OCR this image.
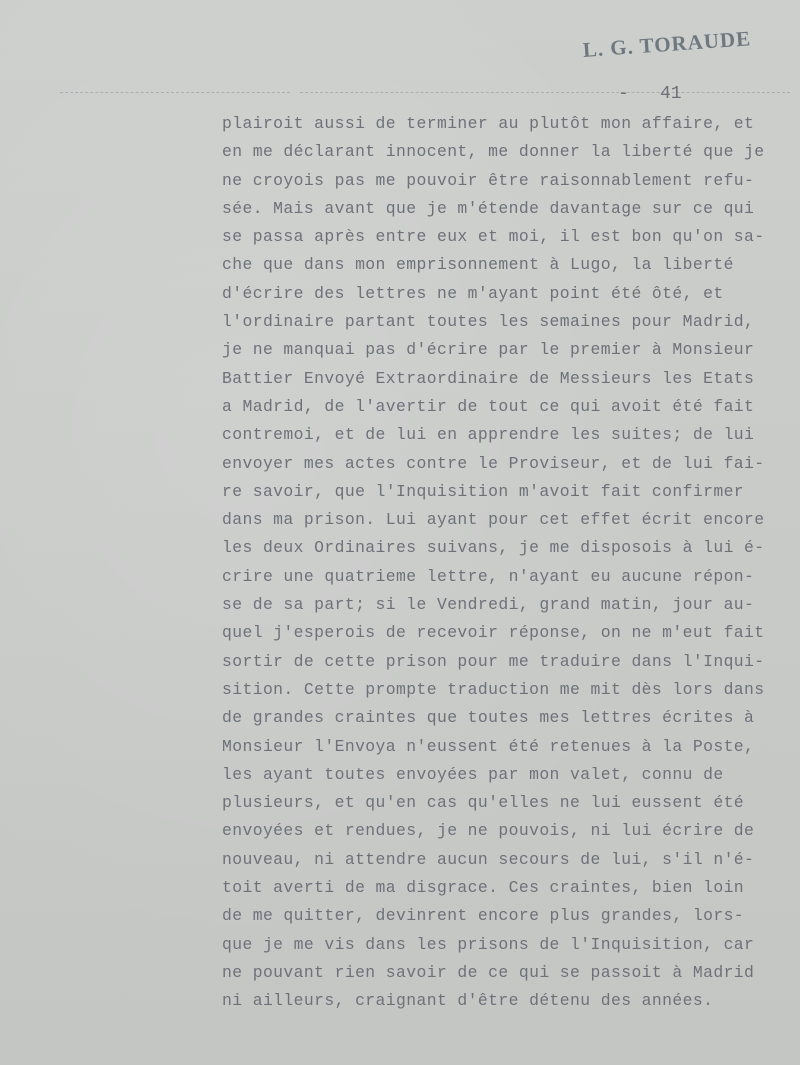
L. G. TORAUDE
- 41
plairoit aussi de terminer au plutôt mon affaire, et
en me déclarant innocent, me donner la liberté que je
ne croyois pas me pouvoir être raisonnablement refu-
sée. Mais avant que je m'étende davantage sur ce qui
se passa après entre eux et moi, il est bon qu'on sa-
che que dans mon emprisonnement à Lugo, la liberté
d'écrire des lettres ne m'ayant point été ôté, et
l'ordinaire partant toutes les semaines pour Madrid,
je ne manquai pas d'écrire par le premier à Monsieur
Battier Envoyé Extraordinaire de Messieurs les Etats
a Madrid, de l'avertir de tout ce qui avoit été fait
contremoi, et de lui en apprendre les suites; de lui
envoyer mes actes contre le Proviseur, et de lui fai-
re savoir, que l'Inquisition m'avoit fait confirmer
dans ma prison. Lui ayant pour cet effet écrit encore
les deux Ordinaires suivans, je me disposois à lui é-
crire une quatrieme lettre, n'ayant eu aucune répon-
se de sa part; si le Vendredi, grand matin, jour au-
quel j'esperois de recevoir réponse, on ne m'eut fait
sortir de cette prison pour me traduire dans l'Inqui-
sition. Cette prompte traduction me mit dès lors dans
de grandes craintes que toutes mes lettres écrites à
Monsieur l'Envoya n'eussent été retenues à la Poste,
les ayant toutes envoyées par mon valet, connu de
plusieurs, et qu'en cas qu'elles ne lui eussent été
envoyées et rendues, je ne pouvois, ni lui écrire de
nouveau, ni attendre aucun secours de lui, s'il n'é-
toit averti de ma disgrace. Ces craintes, bien loin
de me quitter, devinrent encore plus grandes, lors-
que je me vis dans les prisons de l'Inquisition, car
ne pouvant rien savoir de ce qui se passoit à Madrid
ni ailleurs, craignant d'être détenu des années.
